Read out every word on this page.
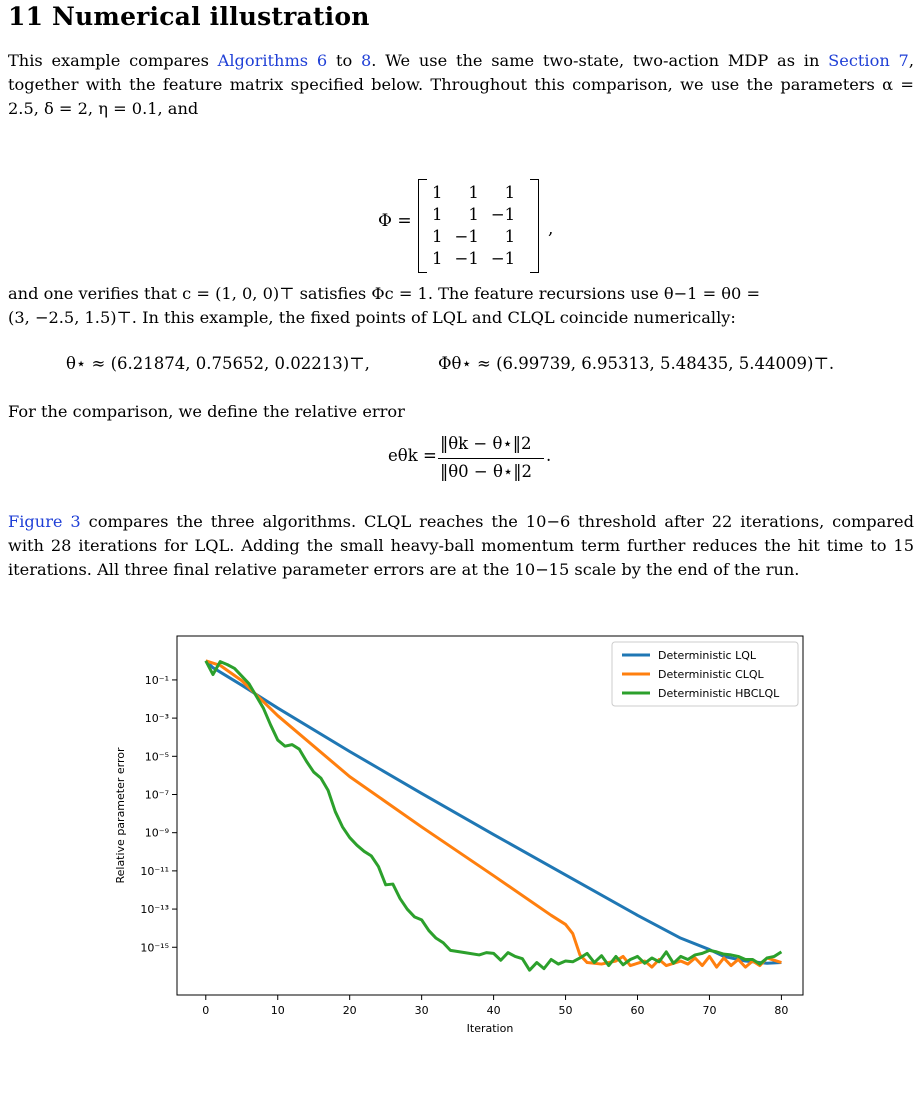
11 Numerical illustration
This example compares Algorithms 6 to 8. We use the same two-state, two-action MDP as in Section 7, together with the feature matrix specified below. Throughout this comparison, we use the parameters α = 2.5, δ = 2, η = 0.1, and
Φ =
1	1	1
1	1	−1
1	−1	1
1	−1	−1
,
and one verifies that c = (1, 0, 0)⊤ satisfies Φc = 1. The feature recursions use θ−1 = θ0 =
(3, −2.5, 1.5)⊤. In this example, the fixed points of LQL and CLQL coincide numerically:
θ⋆ ≈ (6.21874, 0.75652, 0.02213)⊤,	Φθ⋆ ≈ (6.99739, 6.95313, 5.48435, 5.44009)⊤.
For the comparison, we define the relative error
eθk =
‖θk − θ⋆‖2
‖θ0 − θ⋆‖2
.
Figure 3 compares the three algorithms. CLQL reaches the 10−6 threshold after 22 iterations, compared with 28 iterations for LQL. Adding the small heavy-ball momentum term further reduces the hit time to 15 iterations. All three final relative parameter errors are at the 10−15 scale by the end of the run.
0	10	20	30	40	50	60	70	80
10⁻¹
10⁻³
10⁻⁵
10⁻⁷
10⁻⁹
10⁻¹¹
10⁻¹³
10⁻¹⁵
Iteration
Relative parameter error
Deterministic LQL
Deterministic CLQL
Deterministic HBCLQL
